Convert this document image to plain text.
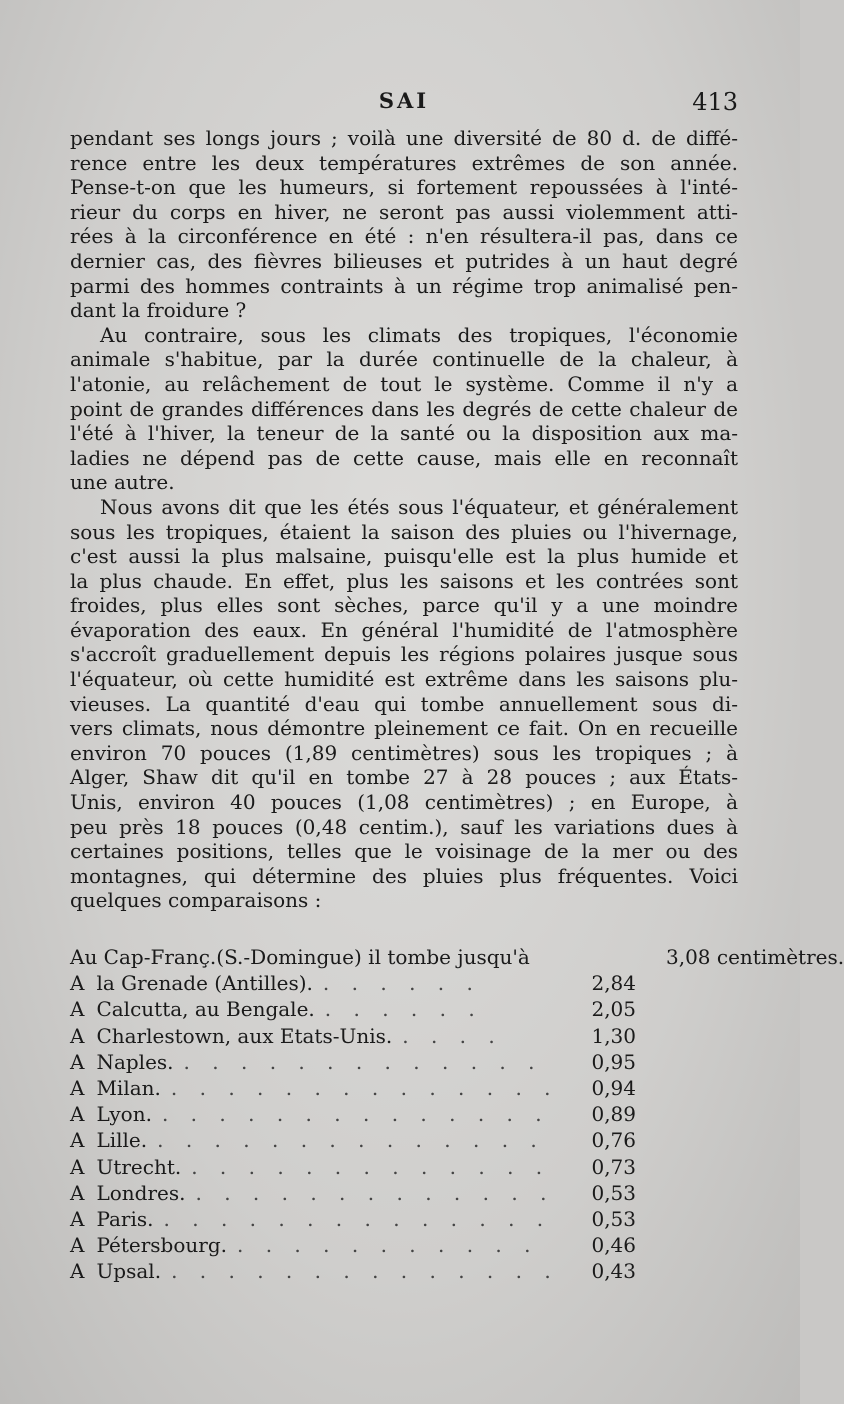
SAI	413
pendant ses longs jours ; voilà une diversité de 80 d. de diffé-
rence entre les deux températures extrêmes de son année.
Pense-t-on que les humeurs, si fortement repoussées à l'inté-
rieur du corps en hiver, ne seront pas aussi violemment atti-
rées à la circonférence en été : n'en résultera-il pas, dans ce
dernier cas, des fièvres bilieuses et putrides à un haut degré
parmi des hommes contraints à un régime trop animalisé pen-
dant la froidure ?
Au contraire, sous les climats des tropiques, l'économie
animale s'habitue, par la durée continuelle de la chaleur, à
l'atonie, au relâchement de tout le système. Comme il n'y a
point de grandes différences dans les degrés de cette chaleur de
l'été à l'hiver, la teneur de la santé ou la disposition aux ma-
ladies ne dépend pas de cette cause, mais elle en reconnaît
une autre.
Nous avons dit que les étés sous l'équateur, et généralement
sous les tropiques, étaient la saison des pluies ou l'hivernage,
c'est aussi la plus malsaine, puisqu'elle est la plus humide et
la plus chaude. En effet, plus les saisons et les contrées sont
froides, plus elles sont sèches, parce qu'il y a une moindre
évaporation des eaux. En général l'humidité de l'atmosphère
s'accroît graduellement depuis les régions polaires jusque sous
l'équateur, où cette humidité est extrême dans les saisons plu-
vieuses. La quantité d'eau qui tombe annuellement sous di-
vers climats, nous démontre pleinement ce fait. On en recueille
environ 70 pouces (1,89 centimètres) sous les tropiques ; à
Alger, Shaw dit qu'il en tombe 27 à 28 pouces ; aux États-
Unis, environ 40 pouces (1,08 centimètres) ; en Europe, à
peu près 18 pouces (0,48 centim.), sauf les variations dues à
certaines positions, telles que le voisinage de la mer ou des
montagnes, qui détermine des pluies plus fréquentes. Voici
quelques comparaisons :
Au Cap-Franç.(S.-Domingue) il tombe jusqu'à	3,08 centimètres.
A la Grenade (Antilles). . . . . . .	2,84
A Calcutta, au Bengale. . . . . . .	2,05
A Charlestown, aux Etats-Unis. . . . .	1,30
A Naples. . . . . . . . . . . . . .	0,95
A Milan. . . . . . . . . . . . . . .	0,94
A Lyon. . . . . . . . . . . . . . .	0,89
A Lille. . . . . . . . . . . . . . .	0,76
A Utrecht. . . . . . . . . . . . . .	0,73
A Londres. . . . . . . . . . . . . .	0,53
A Paris. . . . . . . . . . . . . . .	0,53
A Pétersbourg. . . . . . . . . . . .	0,46
A Upsal. . . . . . . . . . . . . . .	0,43
